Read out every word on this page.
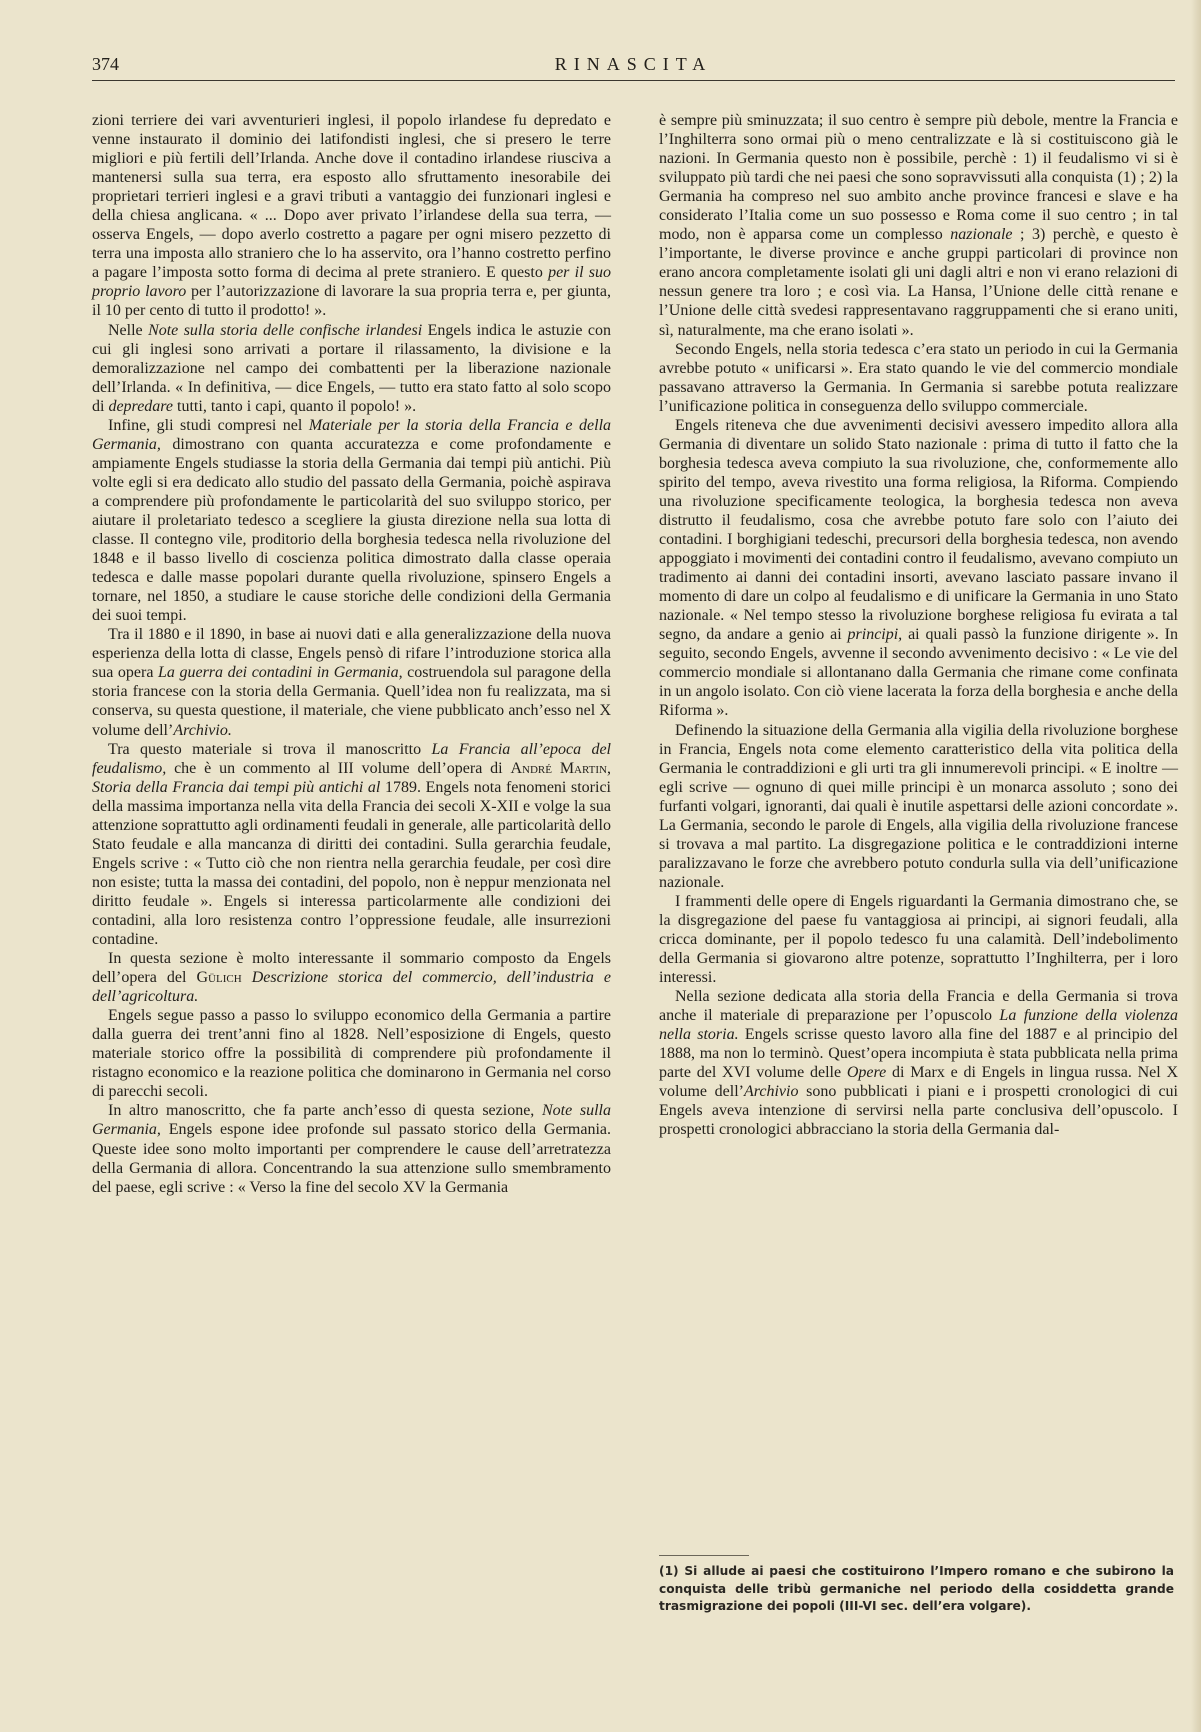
374	RINASCITA

zioni terriere dei vari avventurieri inglesi, il popolo irlandese fu depredato e venne instaurato il dominio dei latifondisti inglesi, che si presero le terre migliori e più fertili dell’Irlanda. Anche dove il contadino irlandese riusciva a mantenersi sulla sua terra, era esposto allo sfruttamento inesorabile dei proprietari terrieri inglesi e a gravi tributi a vantaggio dei funzionari inglesi e della chiesa anglicana. « ... Dopo aver privato l’irlandese della sua terra, — osserva Engels, — dopo averlo costretto a pagare per ogni misero pezzetto di terra una imposta allo straniero che lo ha asservito, ora l’hanno costretto perfino a pagare l’imposta sotto forma di decima al prete straniero. E questo per il suo proprio lavoro per l’autorizzazione di lavorare la sua propria terra e, per giunta, il 10 per cento di tutto il prodotto! ».

Nelle Note sulla storia delle confische irlandesi Engels indica le astuzie con cui gli inglesi sono arrivati a portare il rilassamento, la divisione e la demoralizzazione nel campo dei combattenti per la liberazione nazionale dell’Irlanda. « In definitiva, — dice Engels, — tutto era stato fatto al solo scopo di depredare tutti, tanto i capi, quanto il popolo! ».

Infine, gli studi compresi nel Materiale per la storia della Francia e della Germania, dimostrano con quanta accuratezza e come profondamente e ampiamente Engels studiasse la storia della Germania dai tempi più antichi. Più volte egli si era dedicato allo studio del passato della Germania, poichè aspirava a comprendere più profondamente le particolarità del suo sviluppo storico, per aiutare il proletariato tedesco a scegliere la giusta direzione nella sua lotta di classe. Il contegno vile, proditorio della borghesia tedesca nella rivoluzione del 1848 e il basso livello di coscienza politica dimostrato dalla classe operaia tedesca e dalle masse popolari durante quella rivoluzione, spinsero Engels a tornare, nel 1850, a studiare le cause storiche delle condizioni della Germania dei suoi tempi.

Tra il 1880 e il 1890, in base ai nuovi dati e alla generalizzazione della nuova esperienza della lotta di classe, Engels pensò di rifare l’introduzione storica alla sua opera La guerra dei contadini in Germania, costruendola sul paragone della storia francese con la storia della Germania. Quell’idea non fu realizzata, ma si conserva, su questa questione, il materiale, che viene pubblicato anch’esso nel X volume dell’Archivio.

Tra questo materiale si trova il manoscritto La Francia all’epoca del feudalismo, che è un commento al III volume dell’opera di André Martin, Storia della Francia dai tempi più antichi al 1789. Engels nota fenomeni storici della massima importanza nella vita della Francia dei secoli X-XII e volge la sua attenzione soprattutto agli ordinamenti feudali in generale, alle particolarità dello Stato feudale e alla mancanza di diritti dei contadini. Sulla gerarchia feudale, Engels scrive : « Tutto ciò che non rientra nella gerarchia feudale, per così dire non esiste; tutta la massa dei contadini, del popolo, non è neppur menzionata nel diritto feudale ». Engels si interessa particolarmente alle condizioni dei contadini, alla loro resistenza contro l’oppressione feudale, alle insurrezioni contadine.

In questa sezione è molto interessante il sommario composto da Engels dell’opera del Gülich Descrizione storica del commercio, dell’industria e dell’agricoltura.

Engels segue passo a passo lo sviluppo economico della Germania a partire dalla guerra dei trent’anni fino al 1828. Nell’esposizione di Engels, questo materiale storico offre la possibilità di comprendere più profondamente il ristagno economico e la reazione politica che dominarono in Germania nel corso di parecchi secoli.

In altro manoscritto, che fa parte anch’esso di questa sezione, Note sulla Germania, Engels espone idee profonde sul passato storico della Germania. Queste idee sono molto importanti per comprendere le cause dell’arretratezza della Germania di allora. Concentrando la sua attenzione sullo smembramento del paese, egli scrive : « Verso la fine del secolo XV la Germania

è sempre più sminuzzata; il suo centro è sempre più debole, mentre la Francia e l’Inghilterra sono ormai più o meno centralizzate e là si costituiscono già le nazioni. In Germania questo non è possibile, perchè : 1) il feudalismo vi si è sviluppato più tardi che nei paesi che sono sopravvissuti alla conquista (1) ; 2) la Germania ha compreso nel suo ambito anche province francesi e slave e ha considerato l’Italia come un suo possesso e Roma come il suo centro ; in tal modo, non è apparsa come un complesso nazionale ; 3) perchè, e questo è l’importante, le diverse province e anche gruppi particolari di province non erano ancora completamente isolati gli uni dagli altri e non vi erano relazioni di nessun genere tra loro ; e così via. La Hansa, l’Unione delle città renane e l’Unione delle città svedesi rappresentavano raggruppamenti che si erano uniti, sì, naturalmente, ma che erano isolati ».

Secondo Engels, nella storia tedesca c’era stato un periodo in cui la Germania avrebbe potuto « unificarsi ». Era stato quando le vie del commercio mondiale passavano attraverso la Germania. In Germania si sarebbe potuta realizzare l’unificazione politica in conseguenza dello sviluppo commerciale.

Engels riteneva che due avvenimenti decisivi avessero impedito allora alla Germania di diventare un solido Stato nazionale : prima di tutto il fatto che la borghesia tedesca aveva compiuto la sua rivoluzione, che, conformemente allo spirito del tempo, aveva rivestito una forma religiosa, la Riforma. Compiendo una rivoluzione specificamente teologica, la borghesia tedesca non aveva distrutto il feudalismo, cosa che avrebbe potuto fare solo con l’aiuto dei contadini. I borghigiani tedeschi, precursori della borghesia tedesca, non avendo appoggiato i movimenti dei contadini contro il feudalismo, avevano compiuto un tradimento ai danni dei contadini insorti, avevano lasciato passare invano il momento di dare un colpo al feudalismo e di unificare la Germania in uno Stato nazionale. « Nel tempo stesso la rivoluzione borghese religiosa fu evirata a tal segno, da andare a genio ai principi, ai quali passò la funzione dirigente ». In seguito, secondo Engels, avvenne il secondo avvenimento decisivo : « Le vie del commercio mondiale si allontanano dalla Germania che rimane come confinata in un angolo isolato. Con ciò viene lacerata la forza della borghesia e anche della Riforma ».

Definendo la situazione della Germania alla vigilia della rivoluzione borghese in Francia, Engels nota come elemento caratteristico della vita politica della Germania le contraddizioni e gli urti tra gli innumerevoli principi. « E inoltre — egli scrive — ognuno di quei mille principi è un monarca assoluto ; sono dei furfanti volgari, ignoranti, dai quali è inutile aspettarsi delle azioni concordate ». La Germania, secondo le parole di Engels, alla vigilia della rivoluzione francese si trovava a mal partito. La disgregazione politica e le contraddizioni interne paralizzavano le forze che avrebbero potuto condurla sulla via dell’unificazione nazionale.

I frammenti delle opere di Engels riguardanti la Germania dimostrano che, se la disgregazione del paese fu vantaggiosa ai principi, ai signori feudali, alla cricca dominante, per il popolo tedesco fu una calamità. Dell’indebolimento della Germania si giovarono altre potenze, soprattutto l’Inghilterra, per i loro interessi.

Nella sezione dedicata alla storia della Francia e della Germania si trova anche il materiale di preparazione per l’opuscolo La funzione della violenza nella storia. Engels scrisse questo lavoro alla fine del 1887 e al principio del 1888, ma non lo terminò. Quest’opera incompiuta è stata pubblicata nella prima parte del XVI volume delle Opere di Marx e di Engels in lingua russa. Nel X volume dell’Archivio sono pubblicati i piani e i prospetti cronologici di cui Engels aveva intenzione di servirsi nella parte conclusiva dell’opuscolo. I prospetti cronologici abbracciano la storia della Germania dal-

(1) Si allude ai paesi che costituirono l’Impero romano e che subirono la conquista delle tribù germaniche nel periodo della cosiddetta grande trasmigrazione dei popoli (III-VI sec. dell’era volgare).
